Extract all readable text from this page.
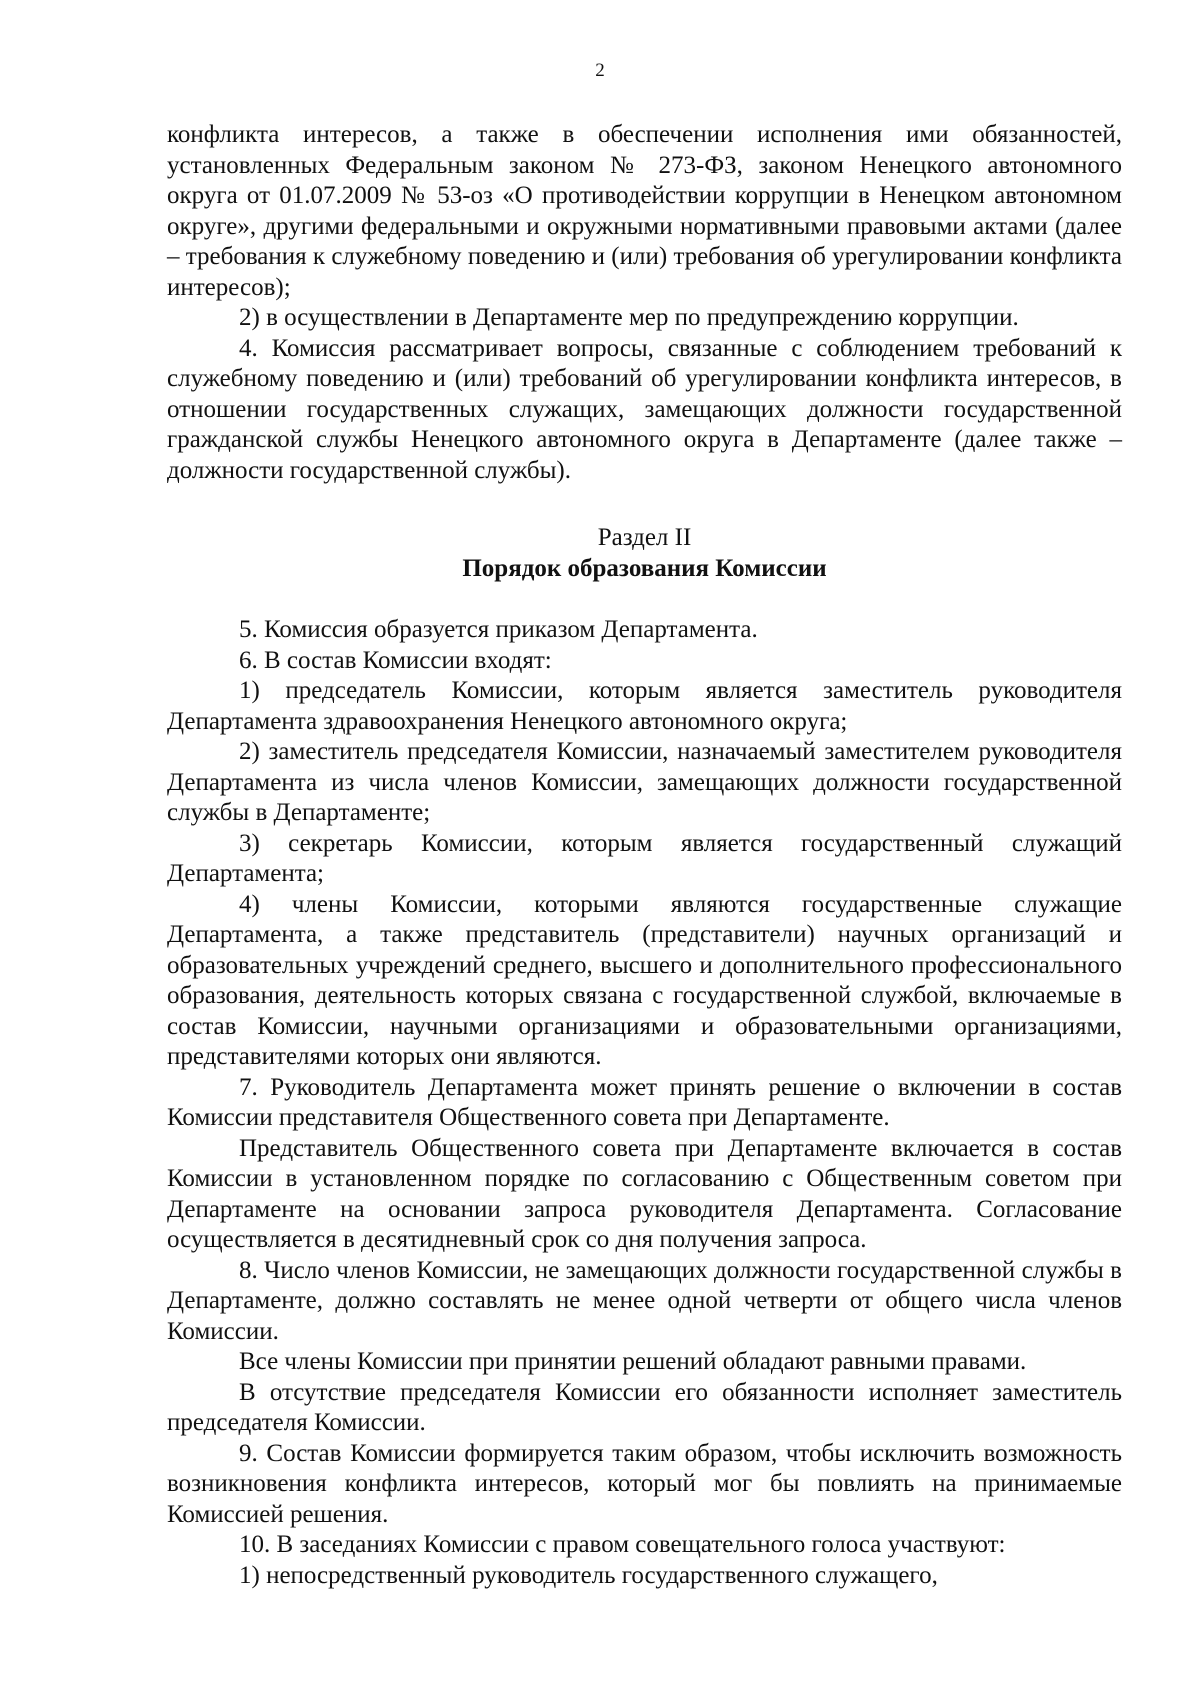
2

конфликта интересов, а также в обеспечении исполнения ими обязанностей, установленных Федеральным законом № 273-ФЗ, законом Ненецкого автономного округа от 01.07.2009 № 53-оз «О противодействии коррупции в Ненецком автономном округе», другими федеральными и окружными нормативными правовыми актами (далее – требования к служебному поведению и (или) требования об урегулировании конфликта интересов);

2) в осуществлении в Департаменте мер по предупреждению коррупции.

4. Комиссия рассматривает вопросы, связанные с соблюдением требований к служебному поведению и (или) требований об урегулировании конфликта интересов, в отношении государственных служащих, замещающих должности государственной гражданской службы Ненецкого автономного округа в Департаменте (далее также – должности государственной службы).

Раздел II
Порядок образования Комиссии

5. Комиссия образуется приказом Департамента.

6. В состав Комиссии входят:

1) председатель Комиссии, которым является заместитель руководителя Департамента здравоохранения Ненецкого автономного округа;

2) заместитель председателя Комиссии, назначаемый заместителем руководителя Департамента из числа членов Комиссии, замещающих должности государственной службы в Департаменте;

3) секретарь Комиссии, которым является государственный служащий Департамента;

4) члены Комиссии, которыми являются государственные служащие Департамента, а также представитель (представители) научных организаций и образовательных учреждений среднего, высшего и дополнительного профессионального образования, деятельность которых связана с государственной службой, включаемые в состав Комиссии, научными организациями и образовательными организациями, представителями которых они являются.

7. Руководитель Департамента может принять решение о включении в состав Комиссии представителя Общественного совета при Департаменте.

Представитель Общественного совета при Департаменте включается в состав Комиссии в установленном порядке по согласованию с Общественным советом при Департаменте на основании запроса руководителя Департамента. Согласование осуществляется в десятидневный срок со дня получения запроса.

8. Число членов Комиссии, не замещающих должности государственной службы в Департаменте, должно составлять не менее одной четверти от общего числа членов Комиссии.

Все члены Комиссии при принятии решений обладают равными правами.

В отсутствие председателя Комиссии его обязанности исполняет заместитель председателя Комиссии.

9. Состав Комиссии формируется таким образом, чтобы исключить возможность возникновения конфликта интересов, который мог бы повлиять на принимаемые Комиссией решения.

10. В заседаниях Комиссии с правом совещательного голоса участвуют:

1) непосредственный руководитель государственного служащего,
